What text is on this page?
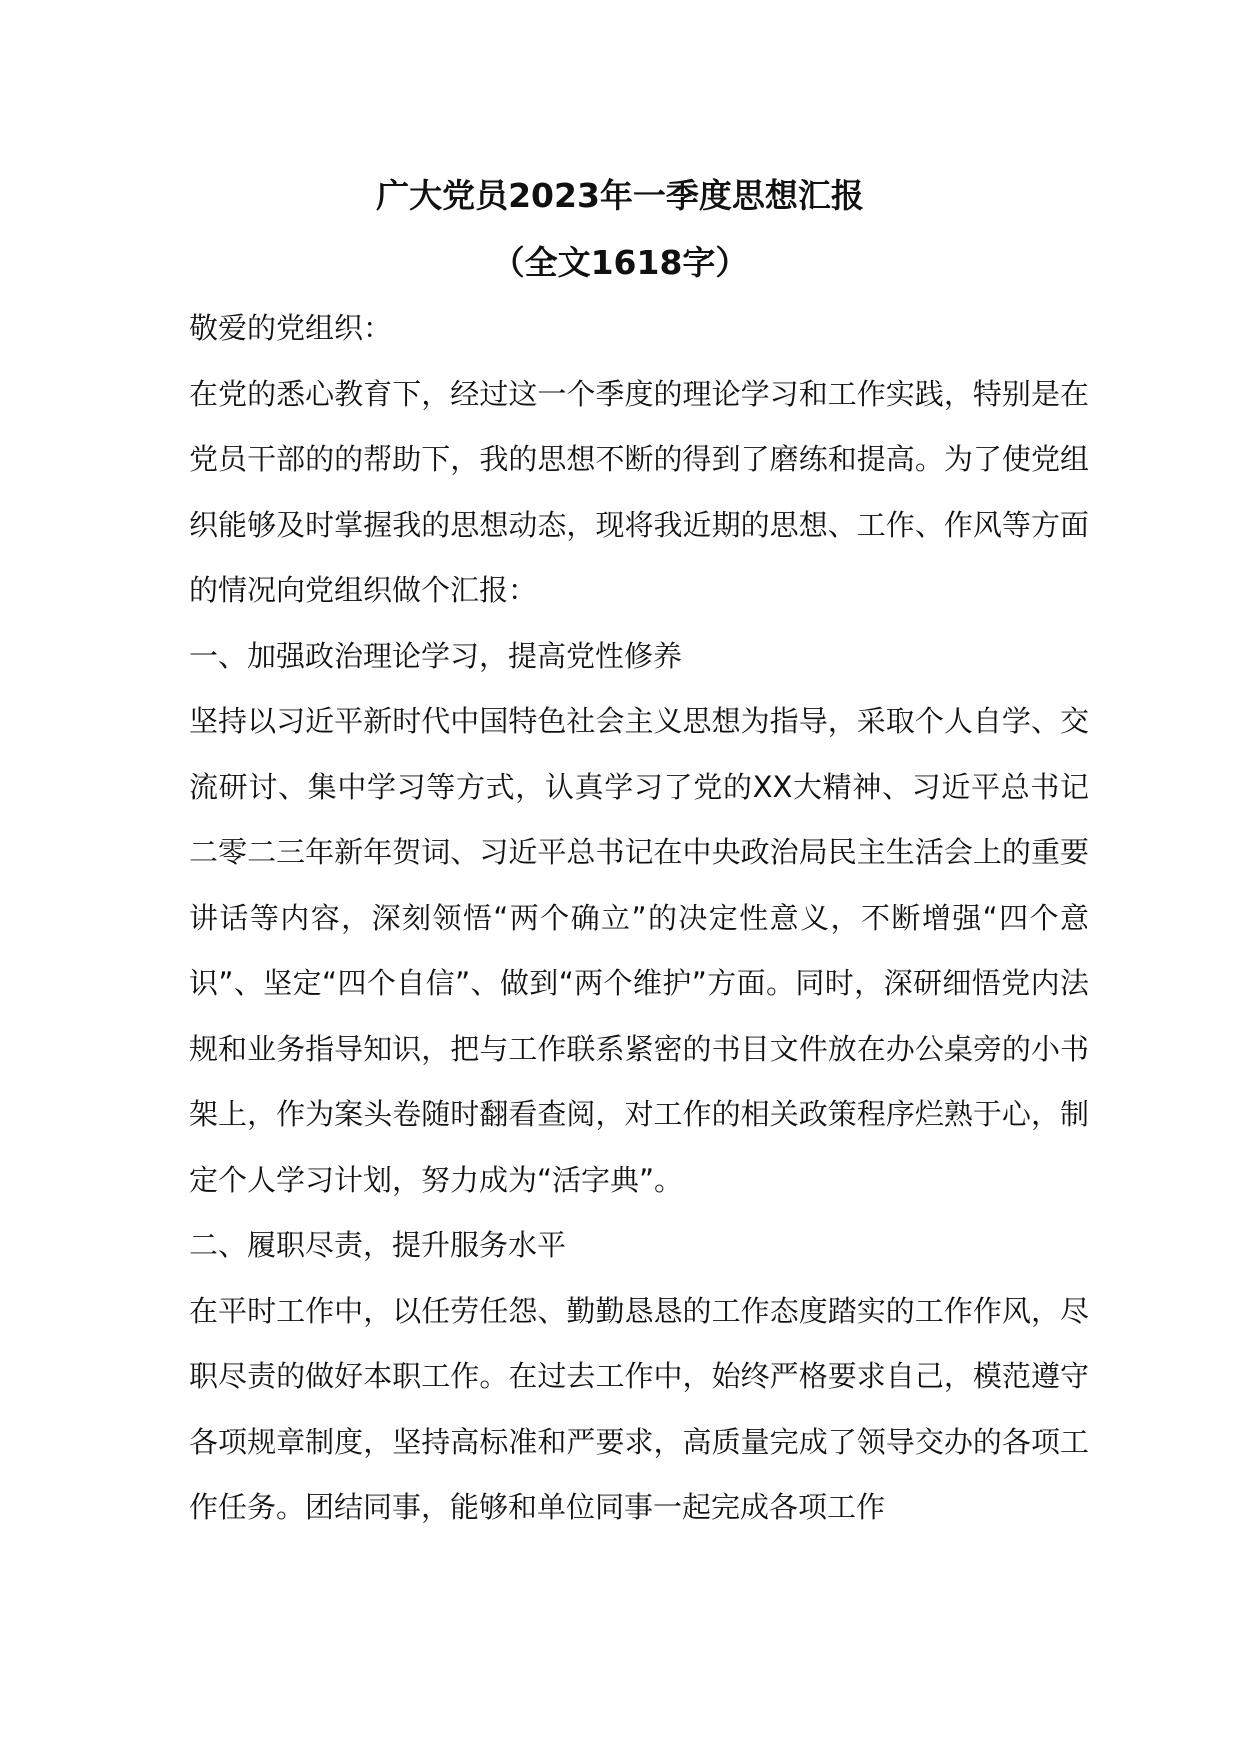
广大党员2023年一季度思想汇报
（全文1618字）

敬爱的党组织：

在党的悉心教育下，经过这一个季度的理论学习和工作实践，特别是在党员干部的的帮助下，我的思想不断的得到了磨练和提高。为了使党组织能够及时掌握我的思想动态，现将我近期的思想、工作、作风等方面的情况向党组织做个汇报：

一、加强政治理论学习，提高党性修养

坚持以习近平新时代中国特色社会主义思想为指导，采取个人自学、交流研讨、集中学习等方式，认真学习了党的XX大精神、习近平总书记二零二三年新年贺词、习近平总书记在中央政治局民主生活会上的重要讲话等内容，深刻领悟“两个确立”的决定性意义，不断增强“四个意识”、坚定“四个自信”、做到“两个维护”方面。同时，深研细悟党内法规和业务指导知识，把与工作联系紧密的书目文件放在办公桌旁的小书架上，作为案头卷随时翻看查阅，对工作的相关政策程序烂熟于心，制定个人学习计划，努力成为“活字典”。

二、履职尽责，提升服务水平

在平时工作中，以任劳任怨、勤勤恳恳的工作态度踏实的工作作风，尽职尽责的做好本职工作。在过去工作中，始终严格要求自己，模范遵守各项规章制度，坚持高标准和严要求，高质量完成了领导交办的各项工作任务。团结同事，能够和单位同事一起完成各项工作
